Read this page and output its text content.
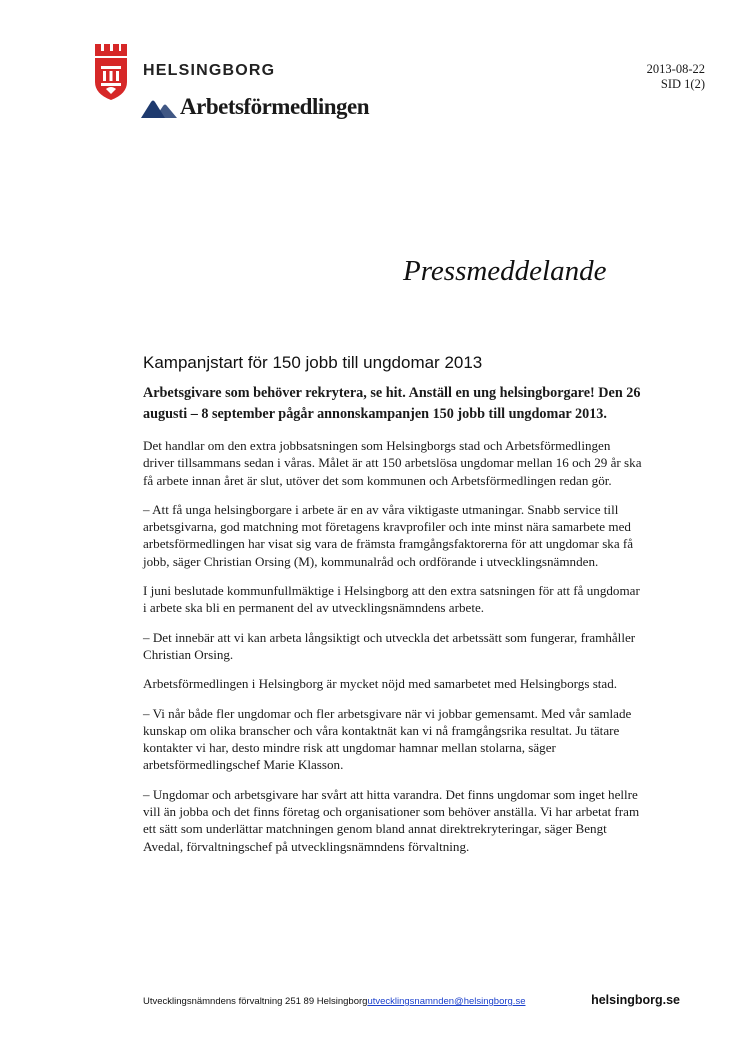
HELSINGBORG
Arbetsförmedlingen
2013-08-22
SID 1(2)
Pressmeddelande
Kampanjstart för 150 jobb till ungdomar 2013

Arbetsgivare som behöver rekrytera, se hit. Anställ en ung helsingborgare! Den 26 augusti – 8 september pågår annonskampanjen 150 jobb till ungdomar 2013.

Det handlar om den extra jobbsatsningen som Helsingborgs stad och Arbetsförmedlingen driver tillsammans sedan i våras. Målet är att 150 arbetslösa ungdomar mellan 16 och 29 år ska få arbete innan året är slut, utöver det som kommunen och Arbetsförmedlingen redan gör.

– Att få unga helsingborgare i arbete är en av våra viktigaste utmaningar. Snabb service till arbetsgivarna, god matchning mot företagens kravprofiler och inte minst nära samarbete med arbetsförmedlingen har visat sig vara de främsta framgångsfaktorerna för att ungdomar ska få jobb, säger Christian Orsing (M), kommunalråd och ordförande i utvecklingsnämnden.

I juni beslutade kommunfullmäktige i Helsingborg att den extra satsningen för att få ungdomar i arbete ska bli en permanent del av utvecklingsnämndens arbete.

– Det innebär att vi kan arbeta långsiktigt och utveckla det arbetssätt som fungerar, framhåller Christian Orsing.

Arbetsförmedlingen i Helsingborg är mycket nöjd med samarbetet med Helsingborgs stad.

– Vi når både fler ungdomar och fler arbetsgivare när vi jobbar gemensamt. Med vår samlade kunskap om olika branscher och våra kontaktnät kan vi nå framgångsrika resultat. Ju tätare kontakter vi har, desto mindre risk att ungdomar hamnar mellan stolarna, säger arbetsförmedlingschef Marie Klasson.

– Ungdomar och arbetsgivare har svårt att hitta varandra. Det finns ungdomar som inget hellre vill än jobba och det finns företag och organisationer som behöver anställa. Vi har arbetat fram ett sätt som underlättar matchningen genom bland annat direktrekryteringar, säger Bengt Avedal, förvaltningschef på utvecklingsnämndens förvaltning.

Utvecklingsnämndens förvaltning 251 89 Helsingborgutvecklingsnamnden@helsingborg.se	helsingborg.se
